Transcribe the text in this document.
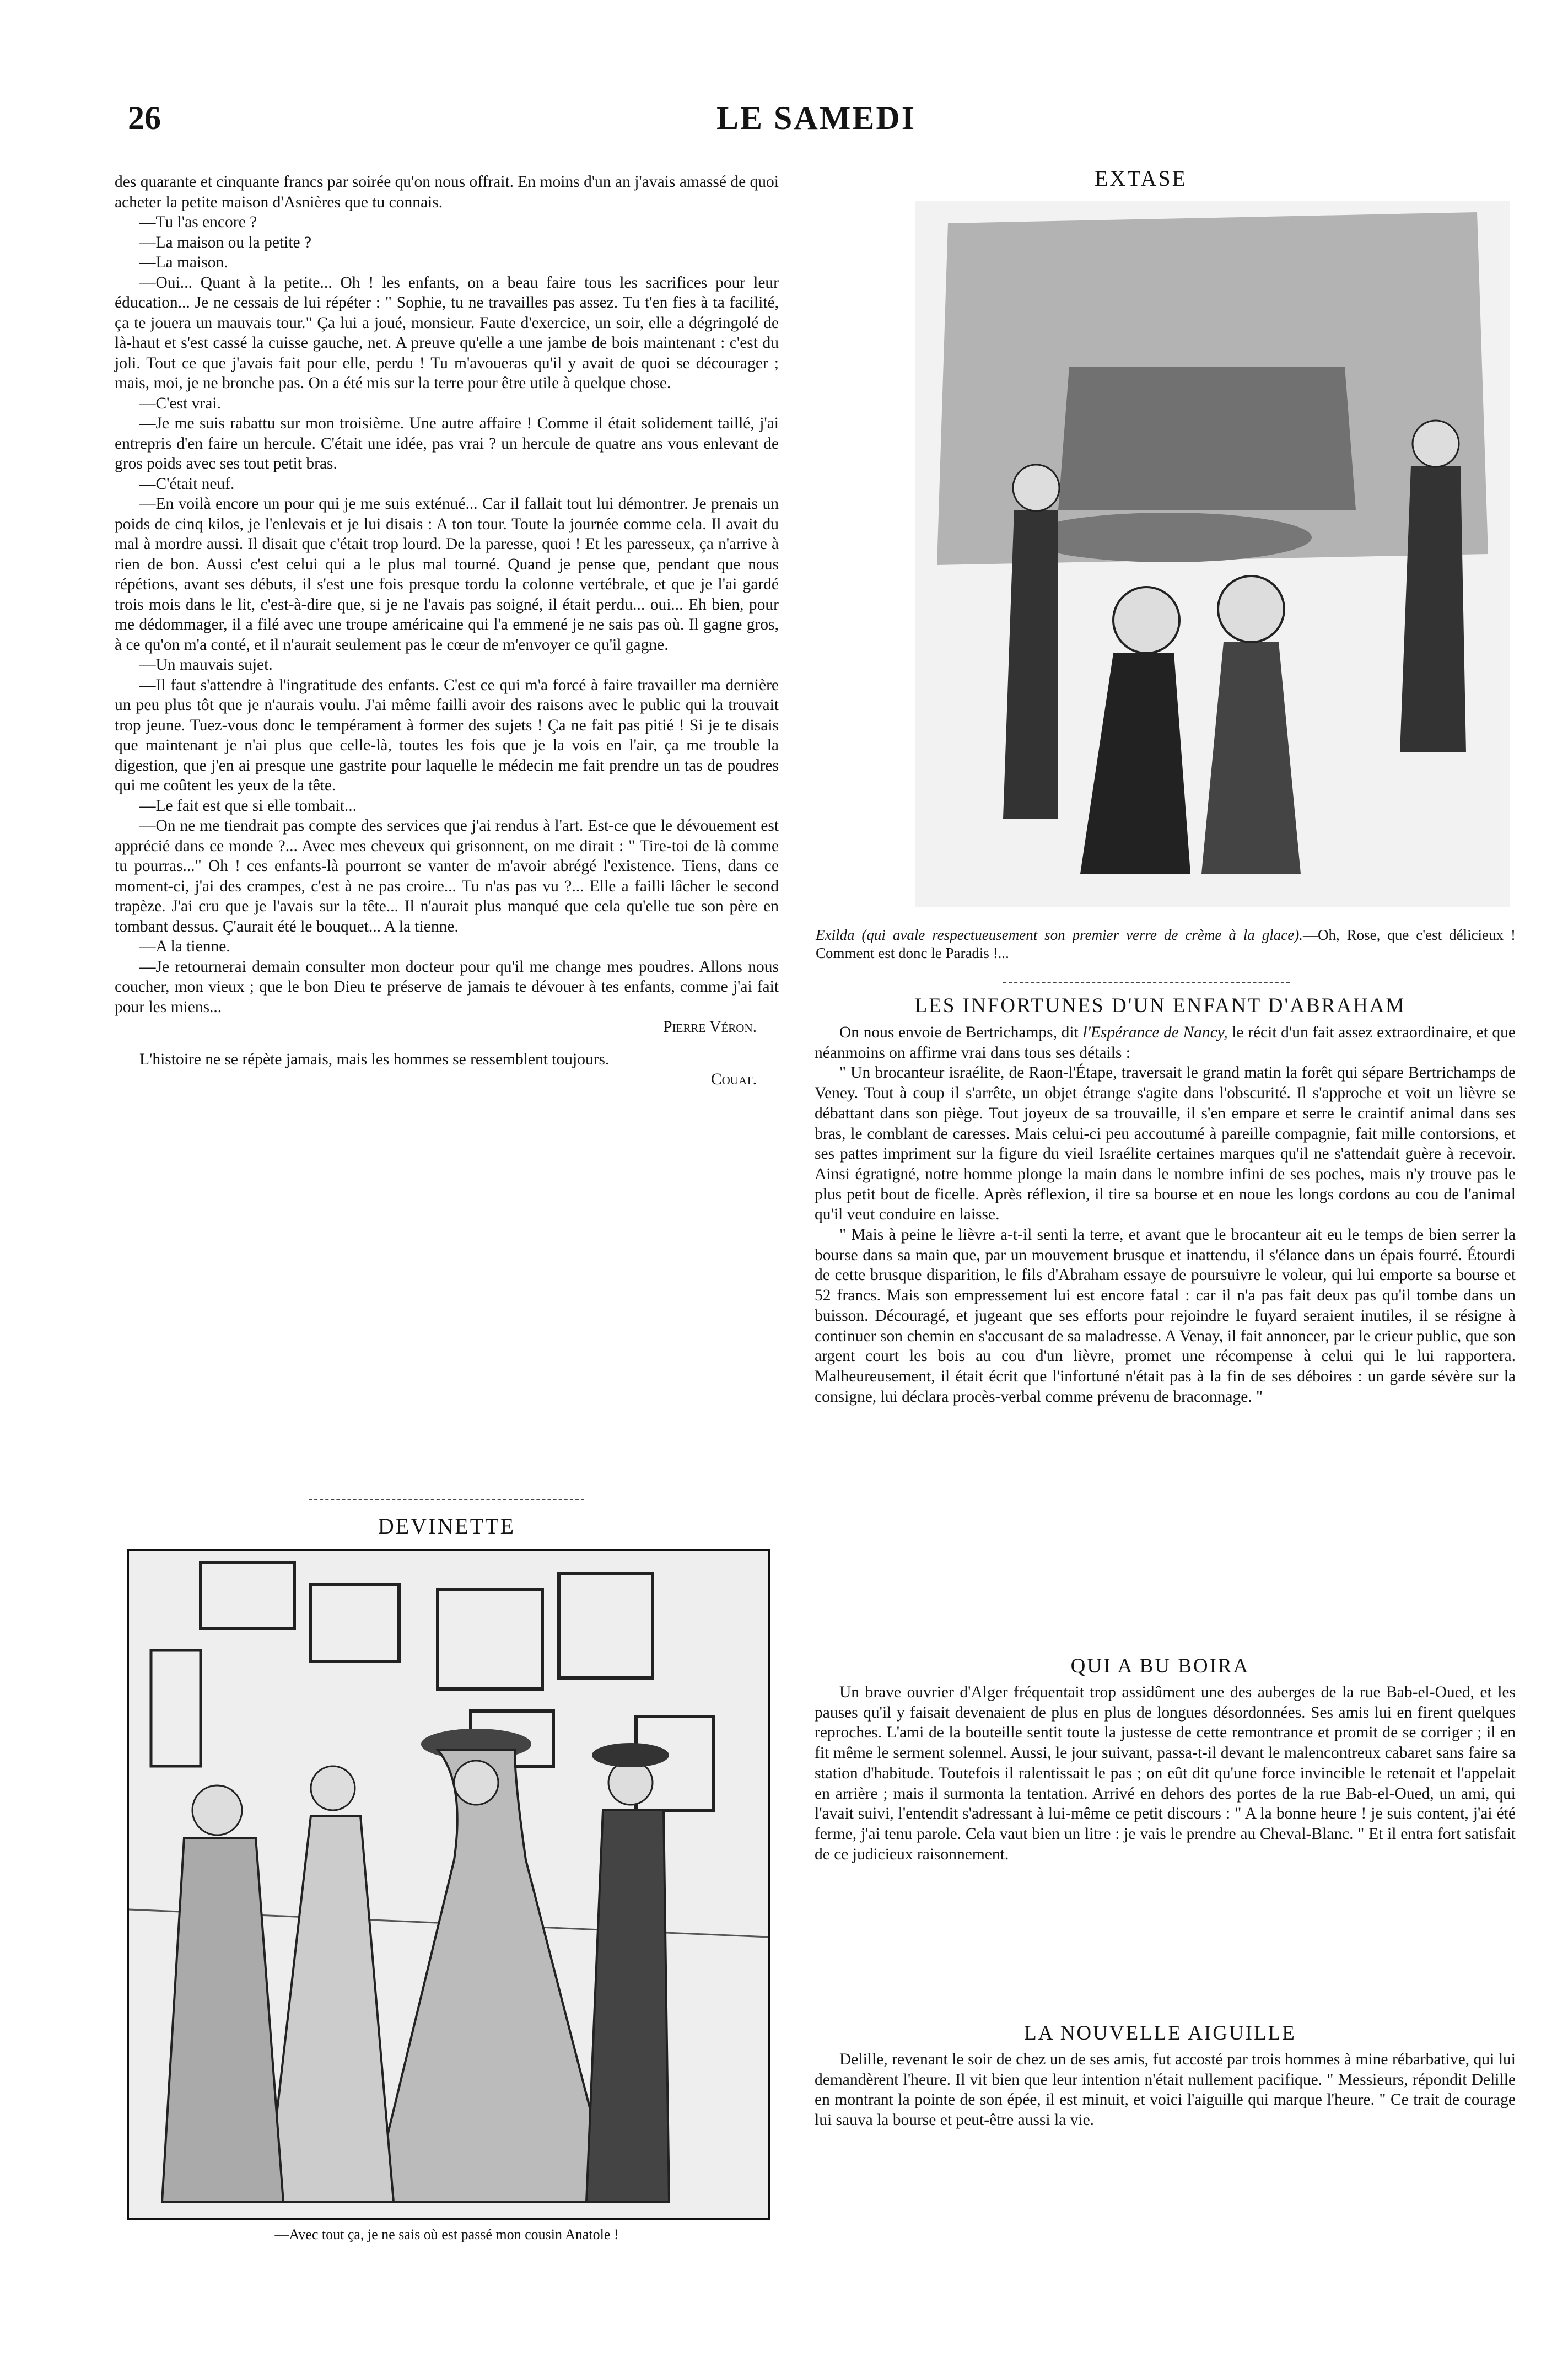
26	LE SAMEDI

des quarante et cinquante francs par soirée qu'on nous offrait. En moins d'un an j'avais amassé de quoi acheter la petite maison d'Asnières que tu connais.

—Tu l'as encore ?

—La maison ou la petite ?

—La maison.

—Oui... Quant à la petite... Oh ! les enfants, on a beau faire tous les sacrifices pour leur éducation... Je ne cessais de lui répéter : " Sophie, tu ne travailles pas assez. Tu t'en fies à ta facilité, ça te jouera un mauvais tour." Ça lui a joué, monsieur. Faute d'exercice, un soir, elle a dégringolé de là-haut et s'est cassé la cuisse gauche, net. A preuve qu'elle a une jambe de bois maintenant : c'est du joli. Tout ce que j'avais fait pour elle, perdu ! Tu m'avoueras qu'il y avait de quoi se décourager ; mais, moi, je ne bronche pas. On a été mis sur la terre pour être utile à quelque chose.

—C'est vrai.

—Je me suis rabattu sur mon troisième. Une autre affaire ! Comme il était solidement taillé, j'ai entrepris d'en faire un hercule. C'était une idée, pas vrai ? un hercule de quatre ans vous enlevant de gros poids avec ses tout petit bras.

—C'était neuf.

—En voilà encore un pour qui je me suis exténué... Car il fallait tout lui démontrer. Je prenais un poids de cinq kilos, je l'enlevais et je lui disais : A ton tour. Toute la journée comme cela. Il avait du mal à mordre aussi. Il disait que c'était trop lourd. De la paresse, quoi ! Et les paresseux, ça n'arrive à rien de bon. Aussi c'est celui qui a le plus mal tourné. Quand je pense que, pendant que nous répétions, avant ses débuts, il s'est une fois presque tordu la colonne vertébrale, et que je l'ai gardé trois mois dans le lit, c'est-à-dire que, si je ne l'avais pas soigné, il était perdu... oui... Eh bien, pour me dédommager, il a filé avec une troupe américaine qui l'a emmené je ne sais pas où. Il gagne gros, à ce qu'on m'a conté, et il n'aurait seulement pas le cœur de m'envoyer ce qu'il gagne.

—Un mauvais sujet.

—Il faut s'attendre à l'ingratitude des enfants. C'est ce qui m'a forcé à faire travailler ma dernière un peu plus tôt que je n'aurais voulu. J'ai même failli avoir des raisons avec le public qui la trouvait trop jeune. Tuez-vous donc le tempérament à former des sujets ! Ça ne fait pas pitié ! Si je te disais que maintenant je n'ai plus que celle-là, toutes les fois que je la vois en l'air, ça me trouble la digestion, que j'en ai presque une gastrite pour laquelle le médecin me fait prendre un tas de poudres qui me coûtent les yeux de la tête.

—Le fait est que si elle tombait...

—On ne me tiendrait pas compte des services que j'ai rendus à l'art. Est-ce que le dévouement est apprécié dans ce monde ?... Avec mes cheveux qui grisonnent, on me dirait : " Tire-toi de là comme tu pourras..." Oh ! ces enfants-là pourront se vanter de m'avoir abrégé l'existence. Tiens, dans ce moment-ci, j'ai des crampes, c'est à ne pas croire... Tu n'as pas vu ?... Elle a failli lâcher le second trapèze. J'ai cru que je l'avais sur la tête... Il n'aurait plus manqué que cela qu'elle tue son père en tombant dessus. Ç'aurait été le bouquet... A la tienne.

—A la tienne.

—Je retournerai demain consulter mon docteur pour qu'il me change mes poudres. Allons nous coucher, mon vieux ; que le bon Dieu te préserve de jamais te dévouer à tes enfants, comme j'ai fait pour les miens...

Pierre Véron.

L'histoire ne se répète jamais, mais les hommes se ressemblent toujours.

Couat.

DEVINETTE
—Avec tout ça, je ne sais où est passé mon cousin Anatole !
EXTASE
Exilda (qui avale respectueusement son premier verre de crème à la glace).—Oh, Rose, que c'est délicieux ! Comment est donc le Paradis !...
LES INFORTUNES D'UN ENFANT D'ABRAHAM

On nous envoie de Bertrichamps, dit l'Espérance de Nancy, le récit d'un fait assez extraordinaire, et que néanmoins on affirme vrai dans tous ses détails :

" Un brocanteur israélite, de Raon-l'Étape, traversait le grand matin la forêt qui sépare Bertrichamps de Veney. Tout à coup il s'arrête, un objet étrange s'agite dans l'obscurité. Il s'approche et voit un lièvre se débattant dans son piège. Tout joyeux de sa trouvaille, il s'en empare et serre le craintif animal dans ses bras, le comblant de caresses. Mais celui-ci peu accoutumé à pareille compagnie, fait mille contorsions, et ses pattes impriment sur la figure du vieil Israélite certaines marques qu'il ne s'attendait guère à recevoir. Ainsi égratigné, notre homme plonge la main dans le nombre infini de ses poches, mais n'y trouve pas le plus petit bout de ficelle. Après réflexion, il tire sa bourse et en noue les longs cordons au cou de l'animal qu'il veut conduire en laisse.

" Mais à peine le lièvre a-t-il senti la terre, et avant que le brocanteur ait eu le temps de bien serrer la bourse dans sa main que, par un mouvement brusque et inattendu, il s'élance dans un épais fourré. Étourdi de cette brusque disparition, le fils d'Abraham essaye de poursuivre le voleur, qui lui emporte sa bourse et 52 francs. Mais son empressement lui est encore fatal : car il n'a pas fait deux pas qu'il tombe dans un buisson. Découragé, et jugeant que ses efforts pour rejoindre le fuyard seraient inutiles, il se résigne à continuer son chemin en s'accusant de sa maladresse. A Venay, il fait annoncer, par le crieur public, que son argent court les bois au cou d'un lièvre, promet une récompense à celui qui le lui rapportera. Malheureusement, il était écrit que l'infortuné n'était pas à la fin de ses déboires : un garde sévère sur la consigne, lui déclara procès-verbal comme prévenu de braconnage. "

QUI A BU BOIRA

Un brave ouvrier d'Alger fréquentait trop assidûment une des auberges de la rue Bab-el-Oued, et les pauses qu'il y faisait devenaient de plus en plus de longues désordonnées. Ses amis lui en firent quelques reproches. L'ami de la bouteille sentit toute la justesse de cette remontrance et promit de se corriger ; il en fit même le serment solennel. Aussi, le jour suivant, passa-t-il devant le malencontreux cabaret sans faire sa station d'habitude. Toutefois il ralentissait le pas ; on eût dit qu'une force invincible le retenait et l'appelait en arrière ; mais il surmonta la tentation. Arrivé en dehors des portes de la rue Bab-el-Oued, un ami, qui l'avait suivi, l'entendit s'adressant à lui-même ce petit discours : " A la bonne heure ! je suis content, j'ai été ferme, j'ai tenu parole. Cela vaut bien un litre : je vais le prendre au Cheval-Blanc. " Et il entra fort satisfait de ce judicieux raisonnement.

LA NOUVELLE AIGUILLE

Delille, revenant le soir de chez un de ses amis, fut accosté par trois hommes à mine rébarbative, qui lui demandèrent l'heure. Il vit bien que leur intention n'était nullement pacifique. " Messieurs, répondit Delille en montrant la pointe de son épée, il est minuit, et voici l'aiguille qui marque l'heure. " Ce trait de courage lui sauva la bourse et peut-être aussi la vie.
